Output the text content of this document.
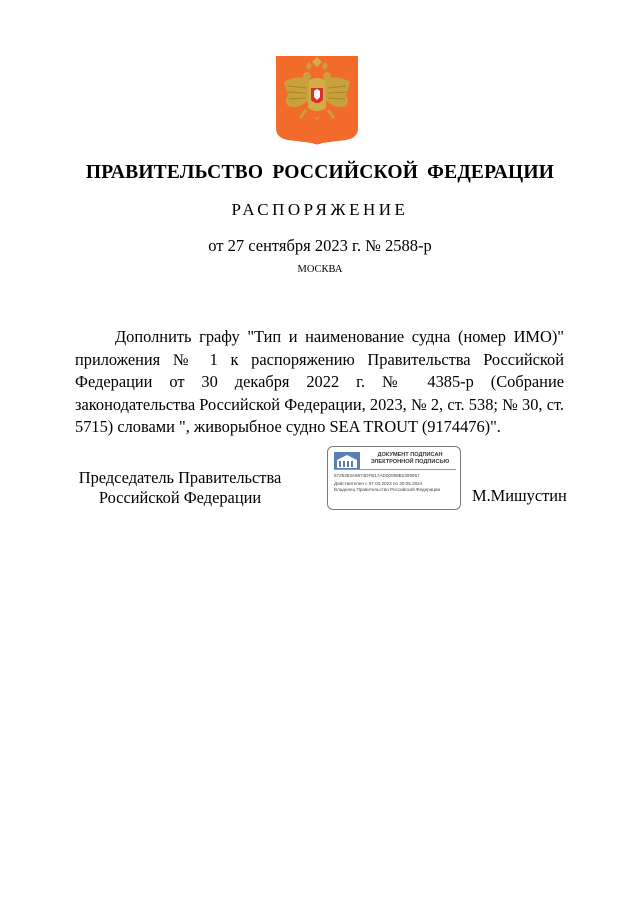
ПРАВИТЕЛЬСТВО РОССИЙСКОЙ ФЕДЕРАЦИИ
РАСПОРЯЖЕНИЕ
от 27 сентября 2023 г. № 2588-р
МОСКВА

Дополнить графу "Тип и наименование судна (номер ИМО)" приложения № 1 к распоряжению Правительства Российской Федерации от 30 декабря 2022 г. № 4385-р (Собрание законодательства Российской Федерации, 2023, № 2, ст. 538; № 30, ст. 5715) словами ", живорыбное судно SEA TROUT (9174476)".

Председатель Правительства
Российской Федерации
ДОКУМЕНТ ПОДПИСАН
ЭЛЕКТРОННОЙ ПОДПИСЬЮ
6725393A6974DFB17AD00088B2309057
Действителен с 07.03.2023 по 30.05.2024
Владелец Правительство Российской Федерации	М.Мишустин
